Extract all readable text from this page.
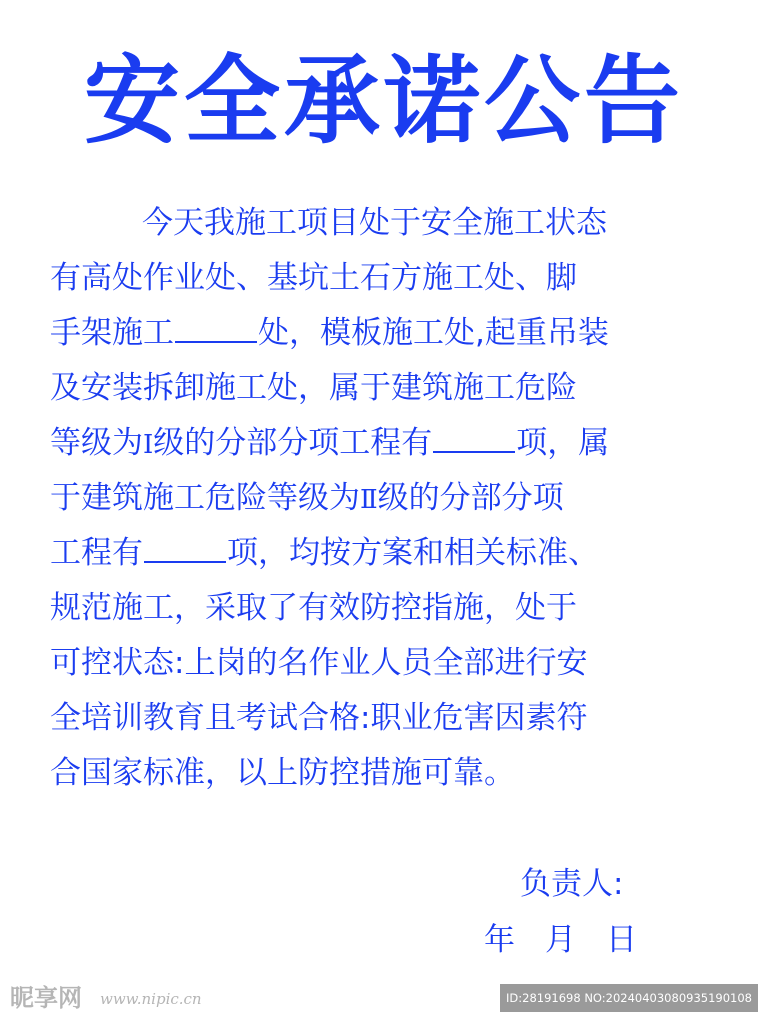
安全承诺公告
今天我施工项目处于安全施工状态
有高处作业处、基坑土石方施工处、脚
手架施工	处，模板施工处,起重吊装
及安装拆卸施工处，属于建筑施工危险
等级为Ⅰ级的分部分项工程有	项，属
于建筑施工危险等级为Ⅱ级的分部分项
工程有	项，均按方案和相关标准、
规范施工，采取了有效防控指施，处于
可控状态:上岗的名作业人员全部进行安
全培训教育且考试合格:职业危害因素符
合国家标准，以上防控措施可靠。
负责人:
年 月 日
昵享网 www.nipic.cn	ID:28191698 NO:20240403080935190108
